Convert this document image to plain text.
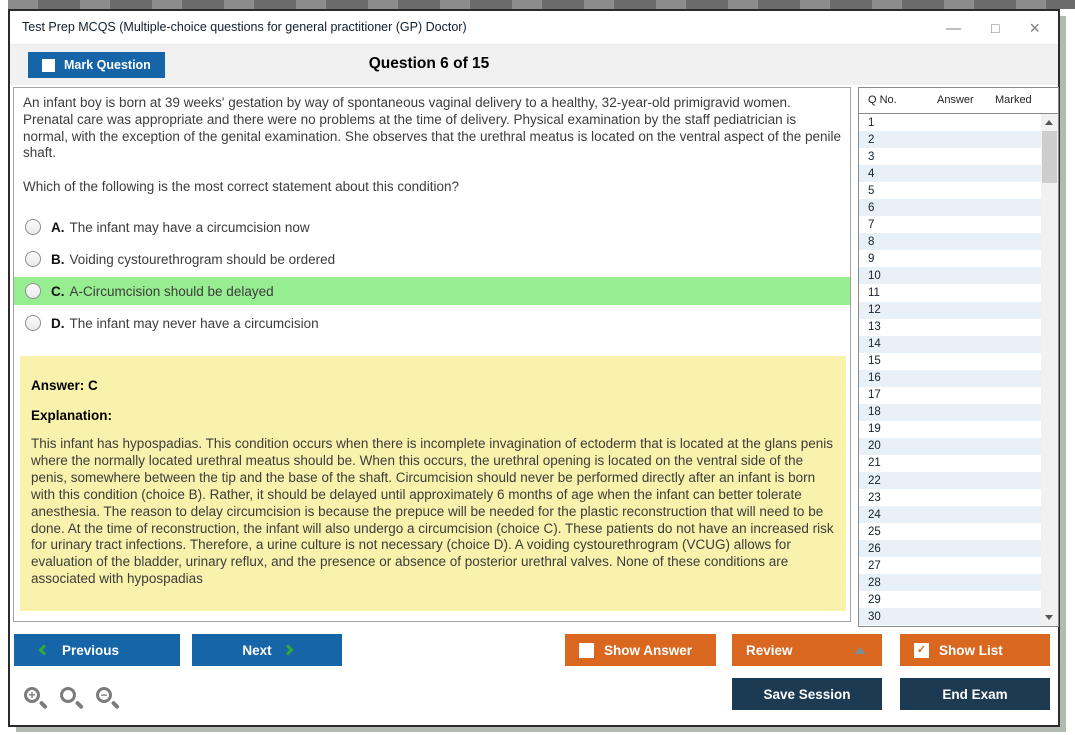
Test Prep MCQS (Multiple-choice questions for general practitioner (GP) Doctor)	— □ ×
Mark Question	Question 6 of 15
An infant boy is born at 39 weeks' gestation by way of spontaneous vaginal delivery to a healthy, 32-year-old primigravid women. Prenatal care was appropriate and there were no problems at the time of delivery. Physical examination by the staff pediatrician is normal, with the exception of the genital examination. She observes that the urethral meatus is located on the ventral aspect of the penile shaft.
Which of the following is the most correct statement about this condition?
A. The infant may have a circumcision now
B. Voiding cystourethrogram should be ordered
C. A-Circumcision should be delayed
D. The infant may never have a circumcision
Answer: C
Explanation:
This infant has hypospadias. This condition occurs when there is incomplete invagination of ectoderm that is located at the glans penis where the normally located urethral meatus should be. When this occurs, the urethral opening is located on the ventral side of the penis, somewhere between the tip and the base of the shaft. Circumcision should never be performed directly after an infant is born with this condition (choice B). Rather, it should be delayed until approximately 6 months of age when the infant can better tolerate anesthesia. The reason to delay circumcision is because the prepuce will be needed for the plastic reconstruction that will need to be done. At the time of reconstruction, the infant will also undergo a circumcision (choice C). These patients do not have an increased risk for urinary tract infections. Therefore, a urine culture is not necessary (choice D). A voiding cystourethrogram (VCUG) allows for evaluation of the bladder, urinary reflux, and the presence or absence of posterior urethral valves. None of these conditions are associated with hypospadias
Q No.	Answer Marked
1
2
3
4
5
6
7
8
9
10
11
12
13
14
15
16
17
18
19
20
21
22
23
24
25
26
27
28
29
30
Previous	Next	Show Answer	Review	✓ Show List
Save Session	End Exam
+	−
